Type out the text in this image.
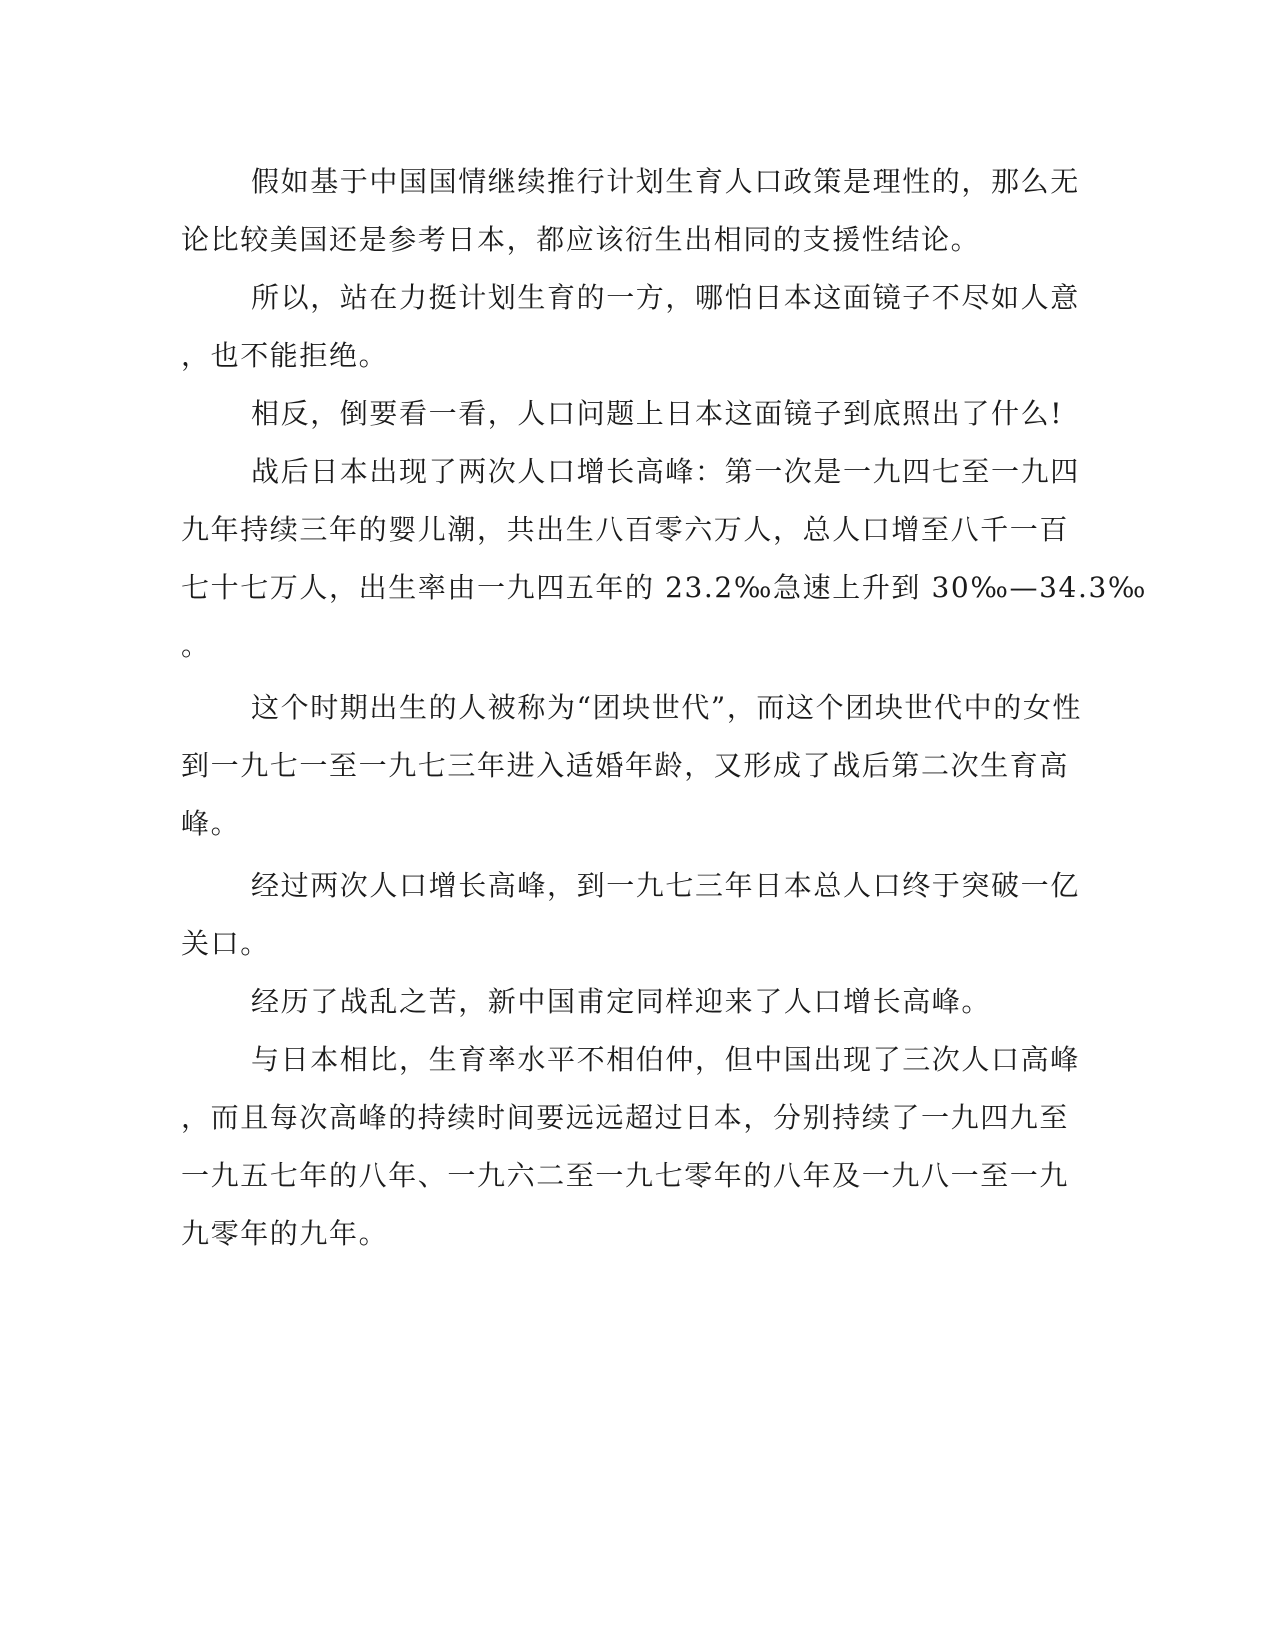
假如基于中国国情继续推行计划生育人口政策是理性的，那么无
论比较美国还是参考日本，都应该衍生出相同的支援性结论。
所以，站在力挺计划生育的一方，哪怕日本这面镜子不尽如人意
，也不能拒绝。
相反，倒要看一看，人口问题上日本这面镜子到底照出了什么!
战后日本出现了两次人口增长高峰：第一次是一九四七至一九四
九年持续三年的婴儿潮，共出生八百零六万人，总人口增至八千一百
七十七万人，出生率由一九四五年的 23.2‰急速上升到 30‰—34.3‰
。
这个时期出生的人被称为“团块世代”，而这个团块世代中的女性
到一九七一至一九七三年进入适婚年龄，又形成了战后第二次生育高
峰。
经过两次人口增长高峰，到一九七三年日本总人口终于突破一亿
关口。
经历了战乱之苦，新中国甫定同样迎来了人口增长高峰。
与日本相比，生育率水平不相伯仲，但中国出现了三次人口高峰
，而且每次高峰的持续时间要远远超过日本，分别持续了一九四九至
一九五七年的八年、一九六二至一九七零年的八年及一九八一至一九
九零年的九年。
